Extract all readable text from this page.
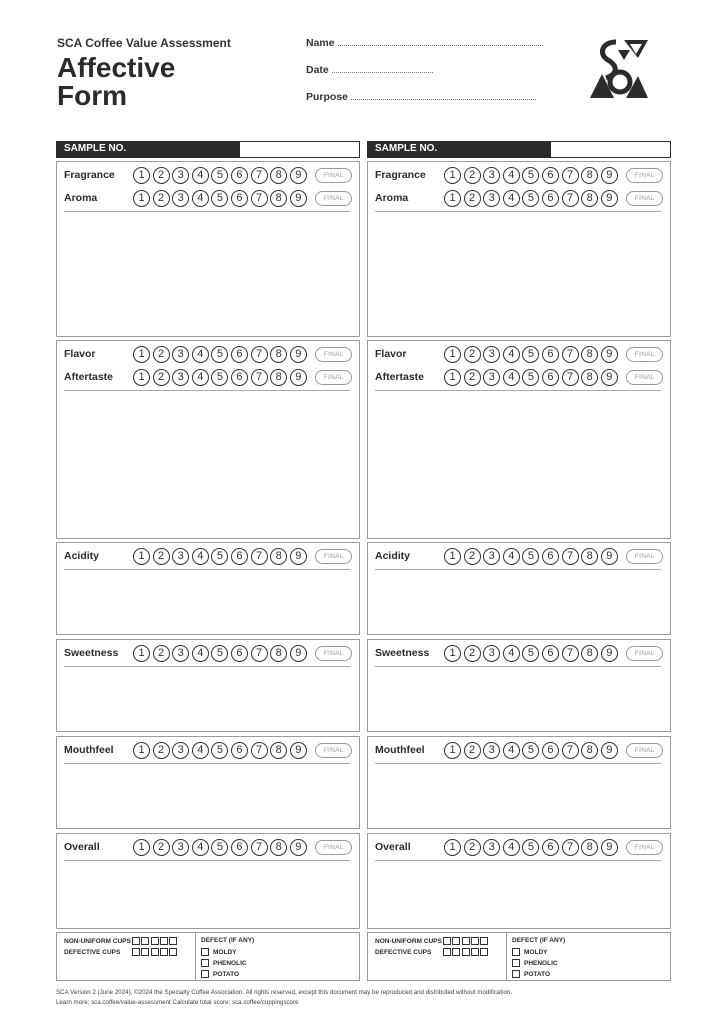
SCA Coffee Value Assessment
Affective
Form
Name
Date
Purpose
SAMPLE NO.
Fragrance	1	2	3	4	5	6	7	8	9	FINAL
Aroma	1	2	3	4	5	6	7	8	9	FINAL
Flavor	1	2	3	4	5	6	7	8	9	FINAL
Aftertaste	1	2	3	4	5	6	7	8	9	FINAL
Acidity	1	2	3	4	5	6	7	8	9	FINAL
Sweetness	1	2	3	4	5	6	7	8	9	FINAL
Mouthfeel	1	2	3	4	5	6	7	8	9	FINAL
Overall	1	2	3	4	5	6	7	8	9	FINAL
NON-UNIFORM CUPS
DEFECTIVE CUPS
DEFECT (IF ANY)
MOLDY
PHENOLIC
POTATO
SAMPLE NO.
Fragrance	1	2	3	4	5	6	7	8	9	FINAL
Aroma	1	2	3	4	5	6	7	8	9	FINAL
Flavor	1	2	3	4	5	6	7	8	9	FINAL
Aftertaste	1	2	3	4	5	6	7	8	9	FINAL
Acidity	1	2	3	4	5	6	7	8	9	FINAL
Sweetness	1	2	3	4	5	6	7	8	9	FINAL
Mouthfeel	1	2	3	4	5	6	7	8	9	FINAL
Overall	1	2	3	4	5	6	7	8	9	FINAL
NON-UNIFORM CUPS
DEFECTIVE CUPS
DEFECT (IF ANY)
MOLDY
PHENOLIC
POTATO
SCA Version 2 (June 2024), ©2024 the Specialty Coffee Association. All rights reserved, except this document may be reproduced and distributed without modification.
Learn more: sca.coffee/value-assessment Calculate total score: sca.coffee/cuppingscore
